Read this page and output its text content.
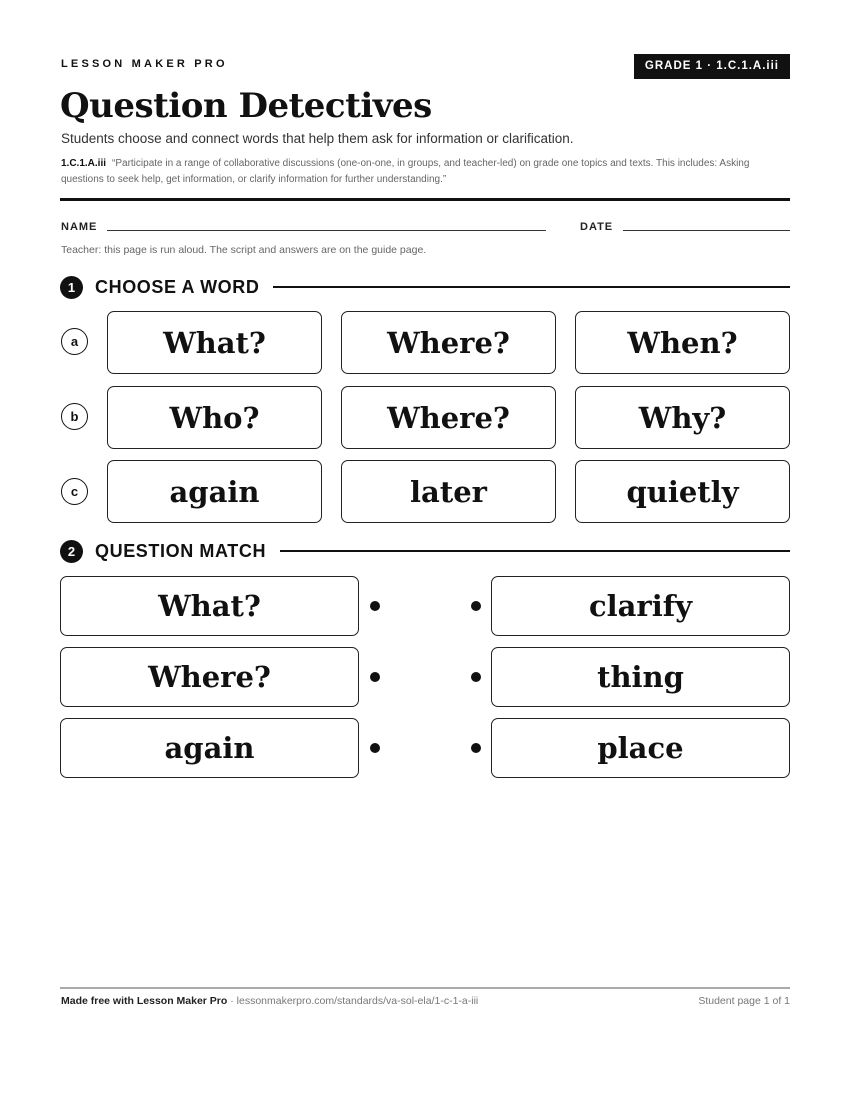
LESSON MAKER PRO	GRADE 1 · 1.C.1.A.iii
Question Detectives
Students choose and connect words that help them ask for information or clarification.
1.C.1.A.iii “Participate in a range of collaborative discussions (one-on-one, in groups, and teacher-led) on grade one topics and texts. This includes: Asking questions to seek help, get information, or clarify information for further understanding.”
NAME	DATE
Teacher: this page is run aloud. The script and answers are on the guide page.
1	CHOOSE A WORD
a	What?	Where?	When?
b	Who?	Where?	Why?
c	again	later	quietly
2	QUESTION MATCH
What?	clarify
Where?	thing
again	place
Made free with Lesson Maker Pro · lessonmakerpro.com/standards/va-sol-ela/1-c-1-a-iii	Student page 1 of 1
